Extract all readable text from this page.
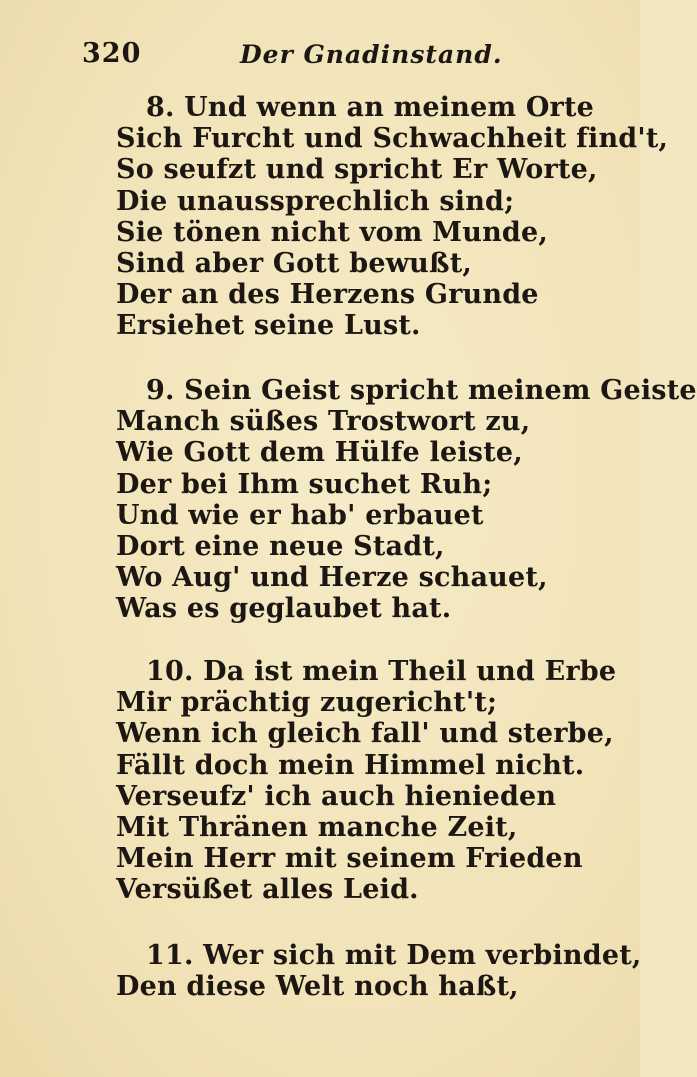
320	Der Gnadinstand.
8. Und wenn an meinem Orte
Sich Furcht und Schwachheit find't,
So seufzt und spricht Er Worte,
Die unaussprechlich sind;
Sie tönen nicht vom Munde,
Sind aber Gott bewußt,
Der an des Herzens Grunde
Ersiehet seine Lust.
9. Sein Geist spricht meinem Geiste
Manch süßes Trostwort zu,
Wie Gott dem Hülfe leiste,
Der bei Ihm suchet Ruh;
Und wie er hab' erbauet
Dort eine neue Stadt,
Wo Aug' und Herze schauet,
Was es geglaubet hat.
10. Da ist mein Theil und Erbe
Mir prächtig zugericht't;
Wenn ich gleich fall' und sterbe,
Fällt doch mein Himmel nicht.
Verseufz' ich auch hienieden
Mit Thränen manche Zeit,
Mein Herr mit seinem Frieden
Versüßet alles Leid.
11. Wer sich mit Dem verbindet,
Den diese Welt noch haßt,
